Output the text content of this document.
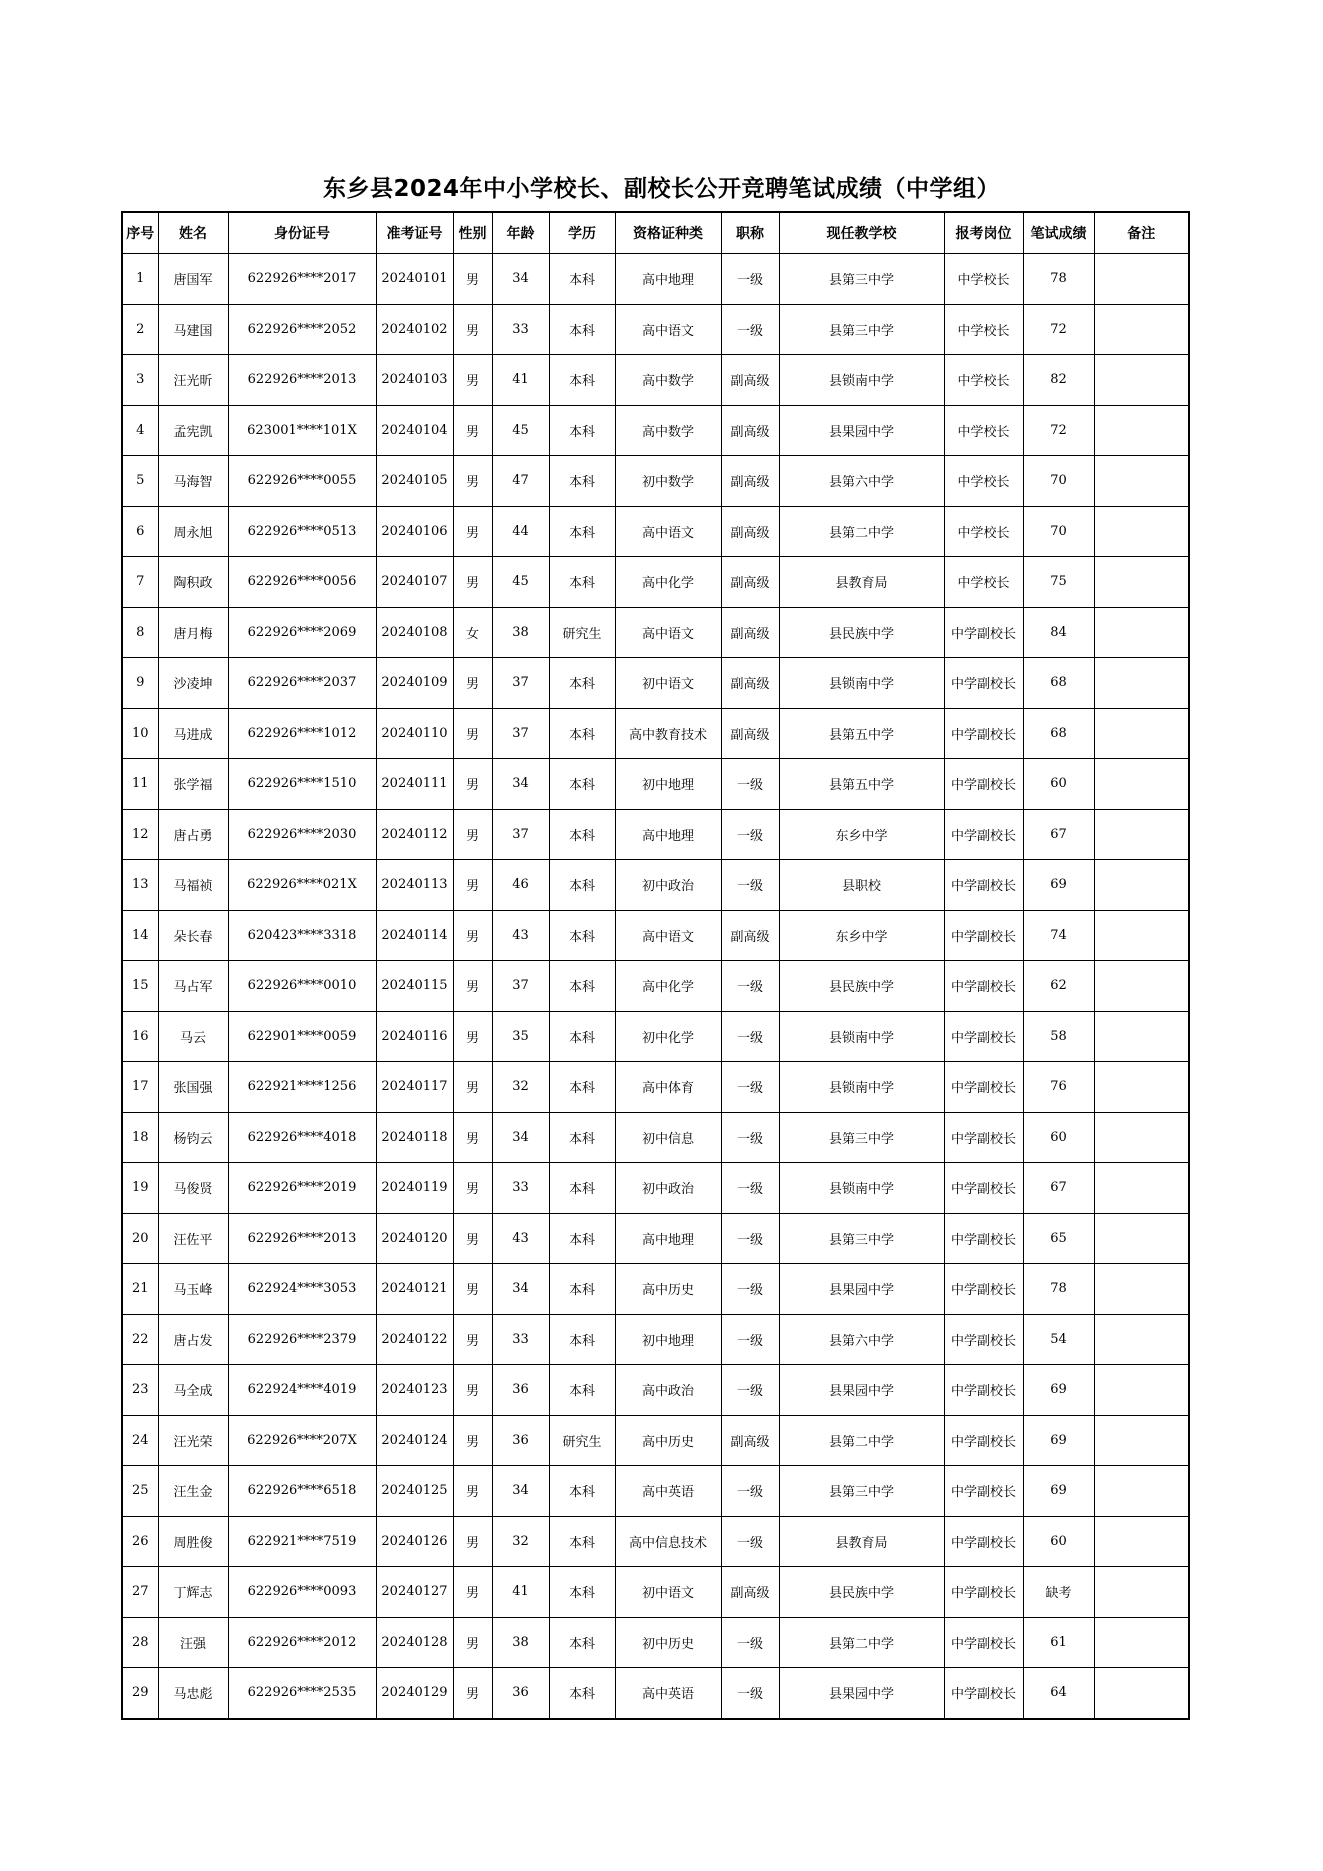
东乡县2024年中小学校长、副校长公开竞聘笔试成绩（中学组）
序号	姓名	身份证号	准考证号	性别	年龄	学历	资格证种类	职称	现任教学校	报考岗位	笔试成绩	备注
1	唐国军	622926****2017	20240101	男	34	本科	高中地理	一级	县第三中学	中学校长	78	
2	马建国	622926****2052	20240102	男	33	本科	高中语文	一级	县第三中学	中学校长	72	
3	汪光昕	622926****2013	20240103	男	41	本科	高中数学	副高级	县锁南中学	中学校长	82	
4	孟宪凯	623001****101X	20240104	男	45	本科	高中数学	副高级	县果园中学	中学校长	72	
5	马海智	622926****0055	20240105	男	47	本科	初中数学	副高级	县第六中学	中学校长	70	
6	周永旭	622926****0513	20240106	男	44	本科	高中语文	副高级	县第二中学	中学校长	70	
7	陶积政	622926****0056	20240107	男	45	本科	高中化学	副高级	县教育局	中学校长	75	
8	唐月梅	622926****2069	20240108	女	38	研究生	高中语文	副高级	县民族中学	中学副校长	84	
9	沙凌坤	622926****2037	20240109	男	37	本科	初中语文	副高级	县锁南中学	中学副校长	68	
10	马进成	622926****1012	20240110	男	37	本科	高中教育技术	副高级	县第五中学	中学副校长	68	
11	张学福	622926****1510	20240111	男	34	本科	初中地理	一级	县第五中学	中学副校长	60	
12	唐占勇	622926****2030	20240112	男	37	本科	高中地理	一级	东乡中学	中学副校长	67	
13	马福祯	622926****021X	20240113	男	46	本科	初中政治	一级	县职校	中学副校长	69	
14	朵长春	620423****3318	20240114	男	43	本科	高中语文	副高级	东乡中学	中学副校长	74	
15	马占军	622926****0010	20240115	男	37	本科	高中化学	一级	县民族中学	中学副校长	62	
16	马云	622901****0059	20240116	男	35	本科	初中化学	一级	县锁南中学	中学副校长	58	
17	张国强	622921****1256	20240117	男	32	本科	高中体育	一级	县锁南中学	中学副校长	76	
18	杨钧云	622926****4018	20240118	男	34	本科	初中信息	一级	县第三中学	中学副校长	60	
19	马俊贤	622926****2019	20240119	男	33	本科	初中政治	一级	县锁南中学	中学副校长	67	
20	汪佐平	622926****2013	20240120	男	43	本科	高中地理	一级	县第三中学	中学副校长	65	
21	马玉峰	622924****3053	20240121	男	34	本科	高中历史	一级	县果园中学	中学副校长	78	
22	唐占发	622926****2379	20240122	男	33	本科	初中地理	一级	县第六中学	中学副校长	54	
23	马全成	622924****4019	20240123	男	36	本科	高中政治	一级	县果园中学	中学副校长	69	
24	汪光荣	622926****207X	20240124	男	36	研究生	高中历史	副高级	县第二中学	中学副校长	69	
25	汪生金	622926****6518	20240125	男	34	本科	高中英语	一级	县第三中学	中学副校长	69	
26	周胜俊	622921****7519	20240126	男	32	本科	高中信息技术	一级	县教育局	中学副校长	60	
27	丁辉志	622926****0093	20240127	男	41	本科	初中语文	副高级	县民族中学	中学副校长	缺考	
28	汪强	622926****2012	20240128	男	38	本科	初中历史	一级	县第二中学	中学副校长	61	
29	马忠彪	622926****2535	20240129	男	36	本科	高中英语	一级	县果园中学	中学副校长	64	
